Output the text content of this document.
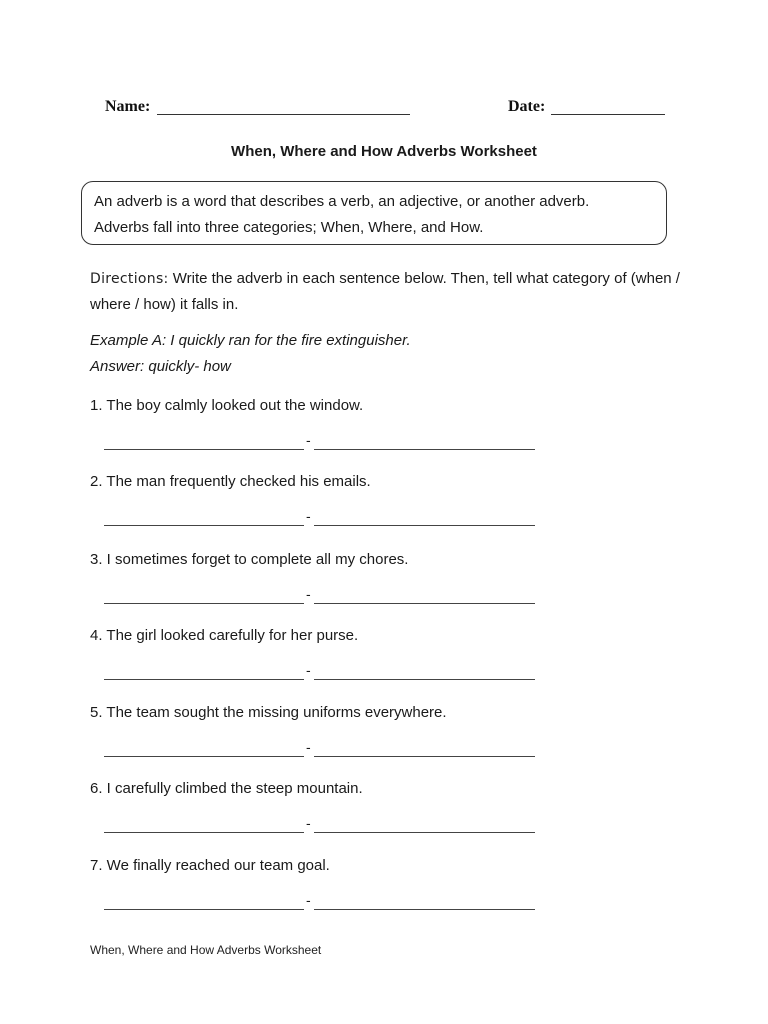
Name:	Date:
When, Where and How Adverbs Worksheet
An adverb is a word that describes a verb, an adjective, or another adverb.
Adverbs fall into three categories; When, Where, and How.
Directions: Write the adverb in each sentence below. Then, tell what category of (when / where / how) it falls in.
Example A: I quickly ran for the fire extinguisher.
Answer: quickly- how
1. The boy calmly looked out the window.
-
2. The man frequently checked his emails.
-
3. I sometimes forget to complete all my chores.
-
4. The girl looked carefully for her purse.
-
5. The team sought the missing uniforms everywhere.
-
6. I carefully climbed the steep mountain.
-
7. We finally reached our team goal.
-
When, Where and How Adverbs Worksheet
